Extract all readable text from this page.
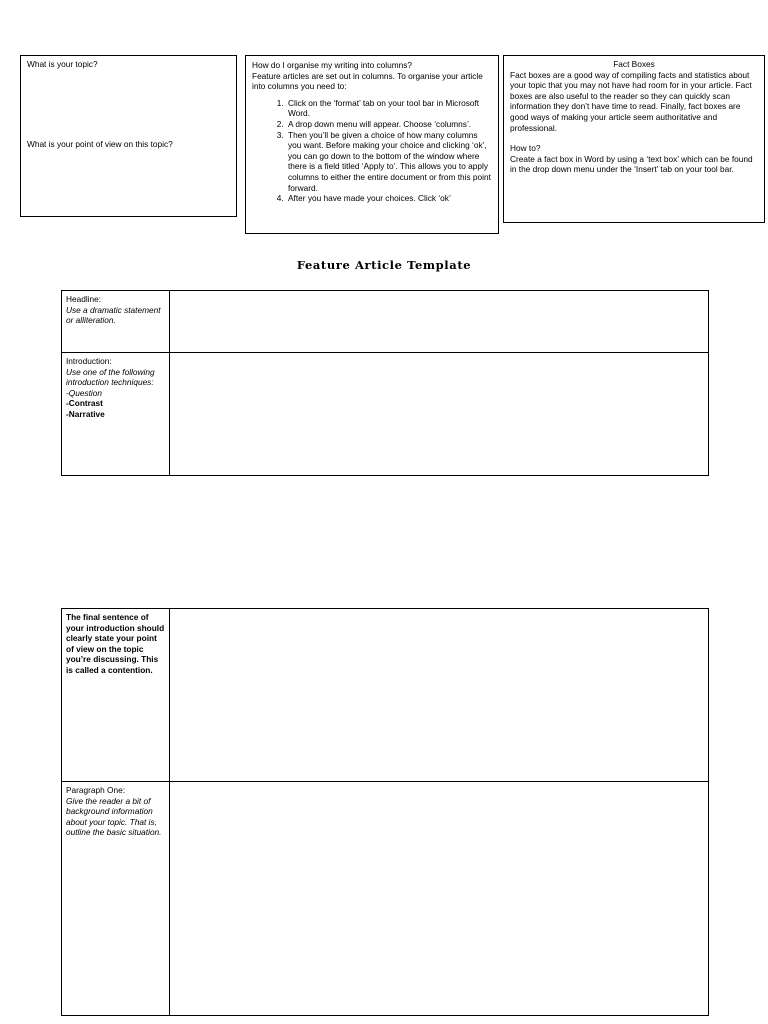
What is your topic?
What is your point of view on this topic?
How do I organise my writing into columns?
Feature articles are set out in columns. To organise your article into columns you need to:
1. Click on the ‘format’ tab on your tool bar in Microsoft Word.
2. A drop down menu will appear. Choose ‘columns’.
3. Then you’ll be given a choice of how many columns you want. Before making your choice and clicking ‘ok’, you can go down to the bottom of the window where there is a field titled ‘Apply to’. This allows you to apply columns to either the entire document or from this point forward.
4. After you have made your choices. Click ‘ok’
Fact Boxes
Fact boxes are a good way of compiling facts and statistics about your topic that you may not have had room for in your article. Fact boxes are also useful to the reader so they can quickly scan information they don’t have time to read. Finally, fact boxes are good ways of making your article seem authoritative and professional.
How to?
Create a fact box in Word by using a ‘text box’ which can be found in the drop down menu under the ‘Insert’ tab on your tool bar.
Feature Article Template
Headline:
Use a dramatic statement or alliteration.	

Introduction:
Use one of the following introduction techniques:
-Question
-Contrast
-Narrative	

The final sentence of your introduction should clearly state your point of view on the topic you’re discussing. This is called a contention.	

Paragraph One:
Give the reader a bit of background information about your topic. That is, outline the basic situation.	
